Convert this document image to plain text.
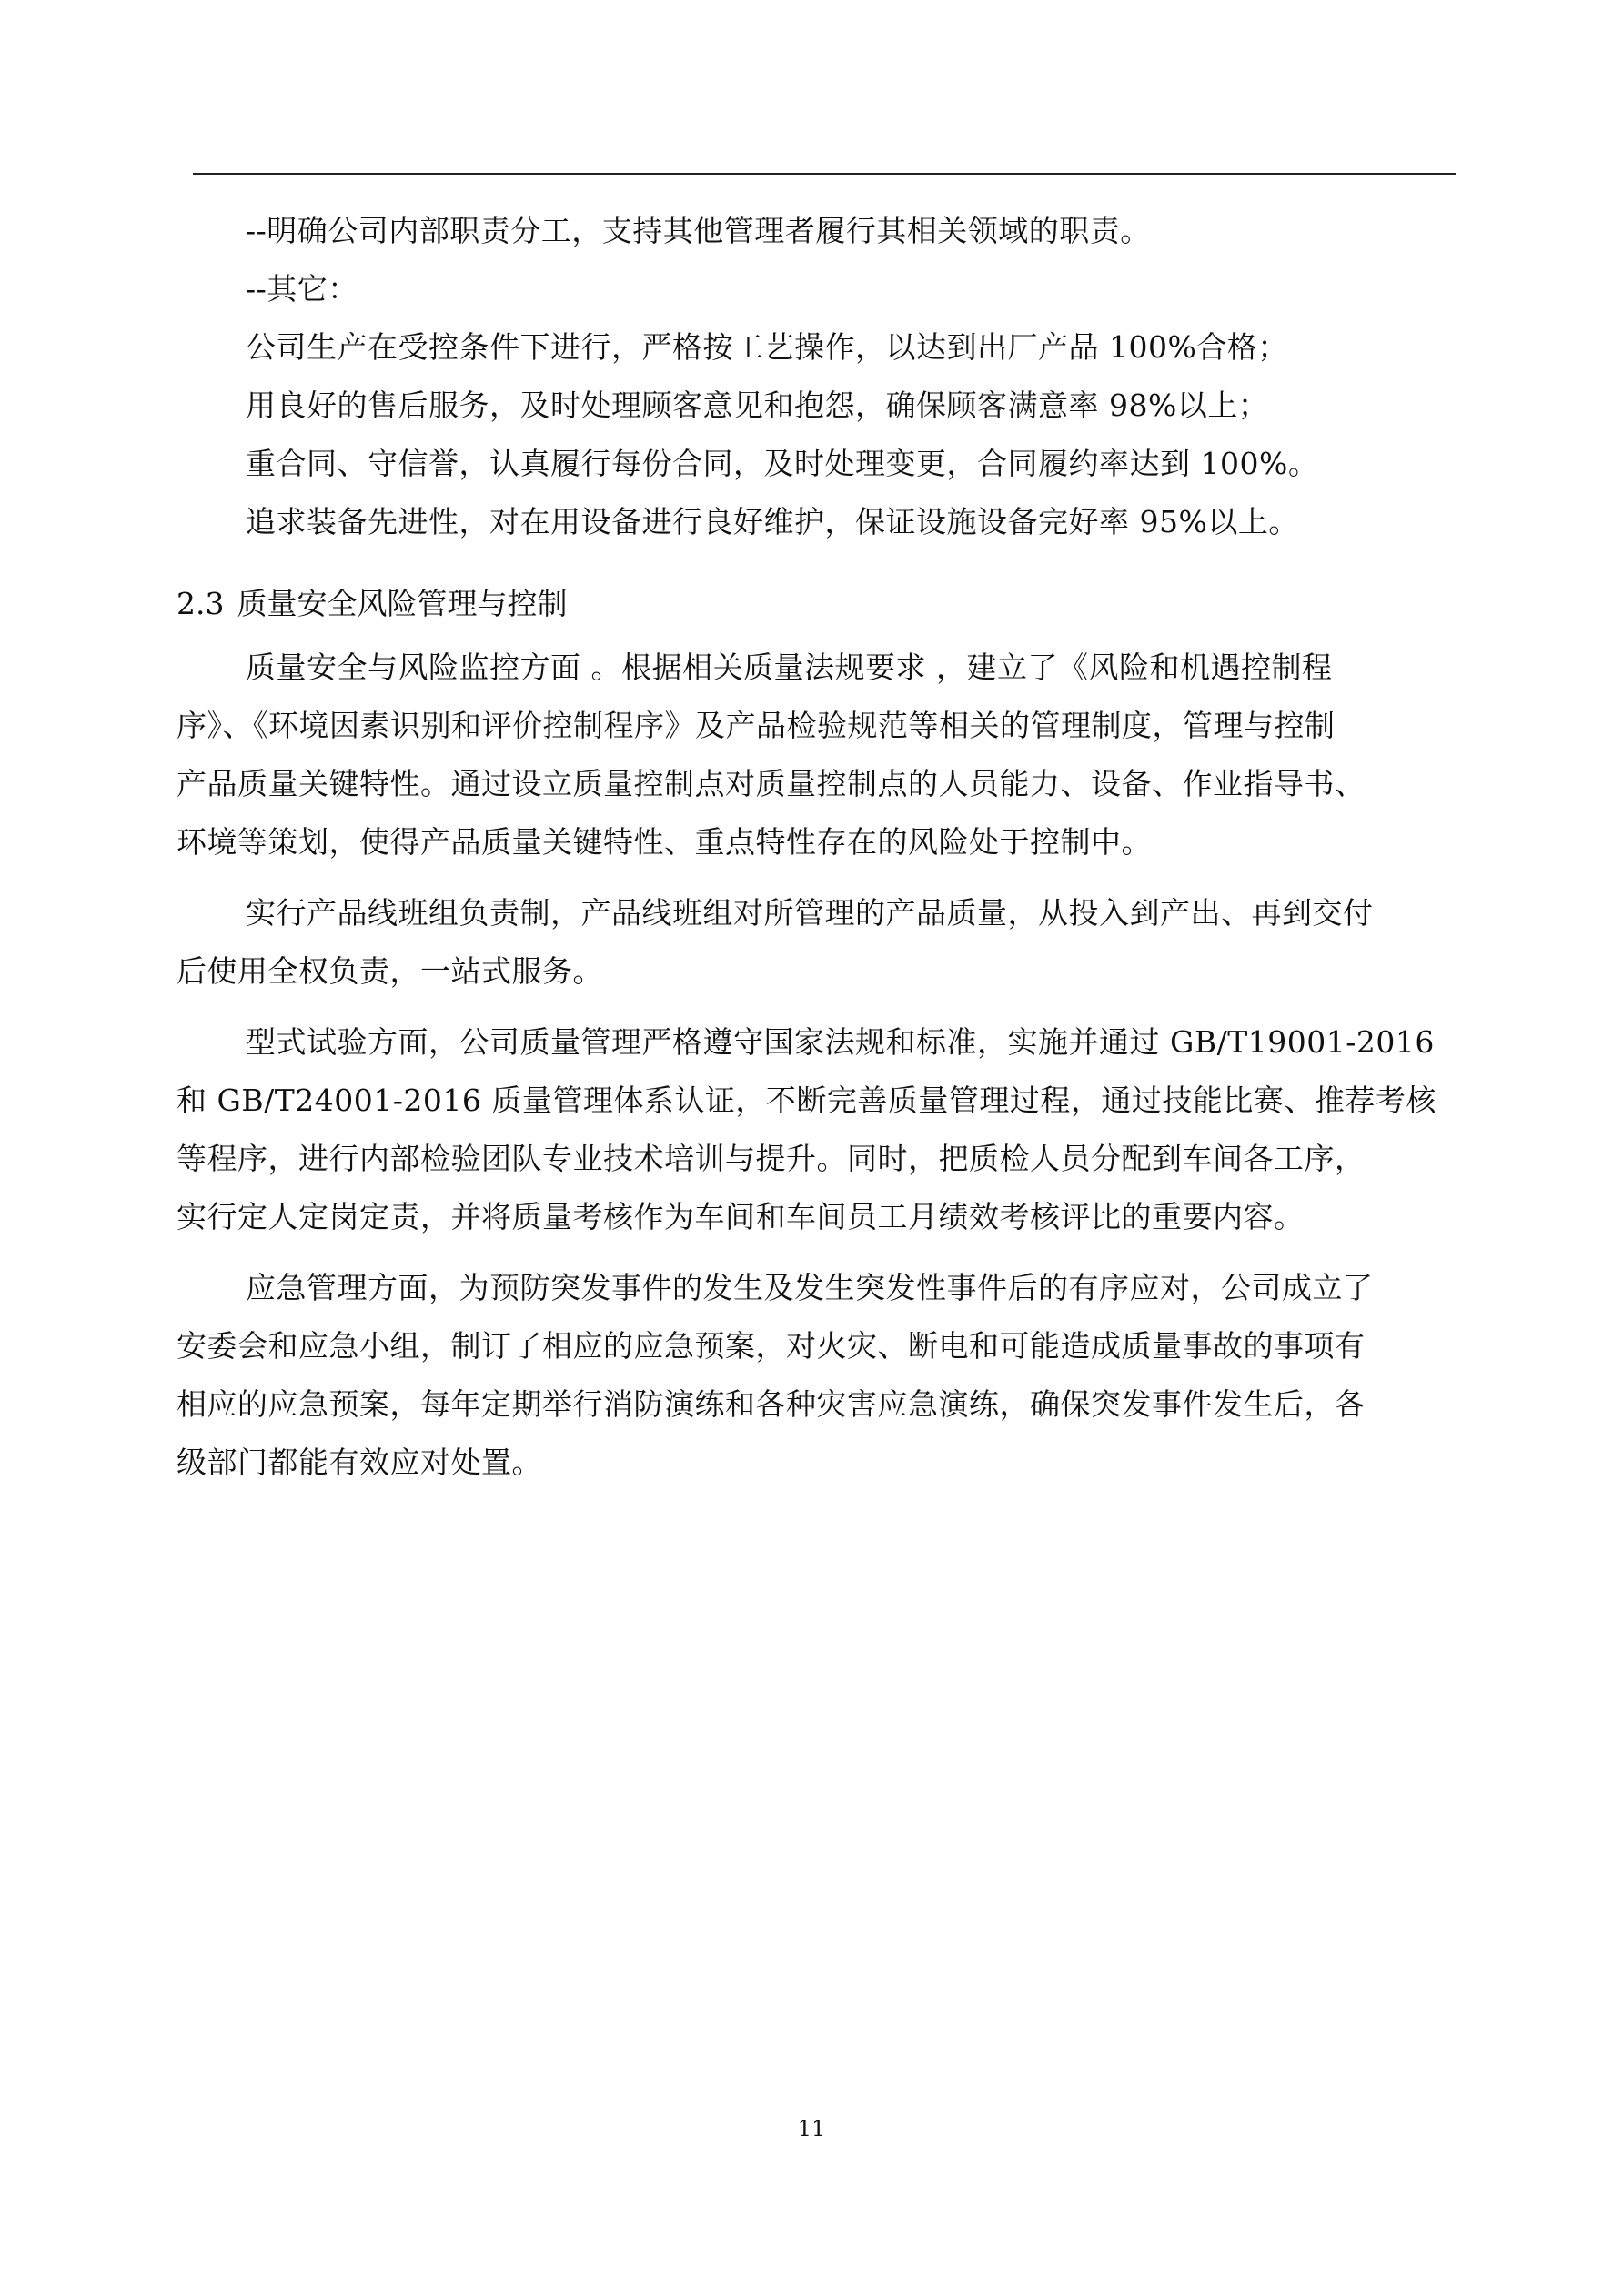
--明确公司内部职责分工，支持其他管理者履行其相关领域的职责。
--其它：
公司生产在受控条件下进行，严格按工艺操作，以达到出厂产品 100%合格；
用良好的售后服务，及时处理顾客意见和抱怨，确保顾客满意率 98%以上；
重合同、守信誉，认真履行每份合同，及时处理变更，合同履约率达到 100%。
追求装备先进性，对在用设备进行良好维护，保证设施设备完好率 95%以上。
2.3 质量安全风险管理与控制
质量安全与风险监控方面 。根据相关质量法规要求 ，建立了《风险和机遇控制程
序》、《环境因素识别和评价控制程序》及产品检验规范等相关的管理制度，管理与控制
产品质量关键特性。通过设立质量控制点对质量控制点的人员能力、设备、作业指导书、
环境等策划，使得产品质量关键特性、重点特性存在的风险处于控制中。
实行产品线班组负责制，产品线班组对所管理的产品质量，从投入到产出、再到交付
后使用全权负责，一站式服务。
型式试验方面，公司质量管理严格遵守国家法规和标准，实施并通过 GB/T19001-2016
和 GB/T24001-2016 质量管理体系认证，不断完善质量管理过程，通过技能比赛、推荐考核
等程序，进行内部检验团队专业技术培训与提升。同时，把质检人员分配到车间各工序，
实行定人定岗定责，并将质量考核作为车间和车间员工月绩效考核评比的重要内容。
应急管理方面，为预防突发事件的发生及发生突发性事件后的有序应对，公司成立了
安委会和应急小组，制订了相应的应急预案，对火灾、断电和可能造成质量事故的事项有
相应的应急预案，每年定期举行消防演练和各种灾害应急演练，确保突发事件发生后，各
级部门都能有效应对处置。
11
